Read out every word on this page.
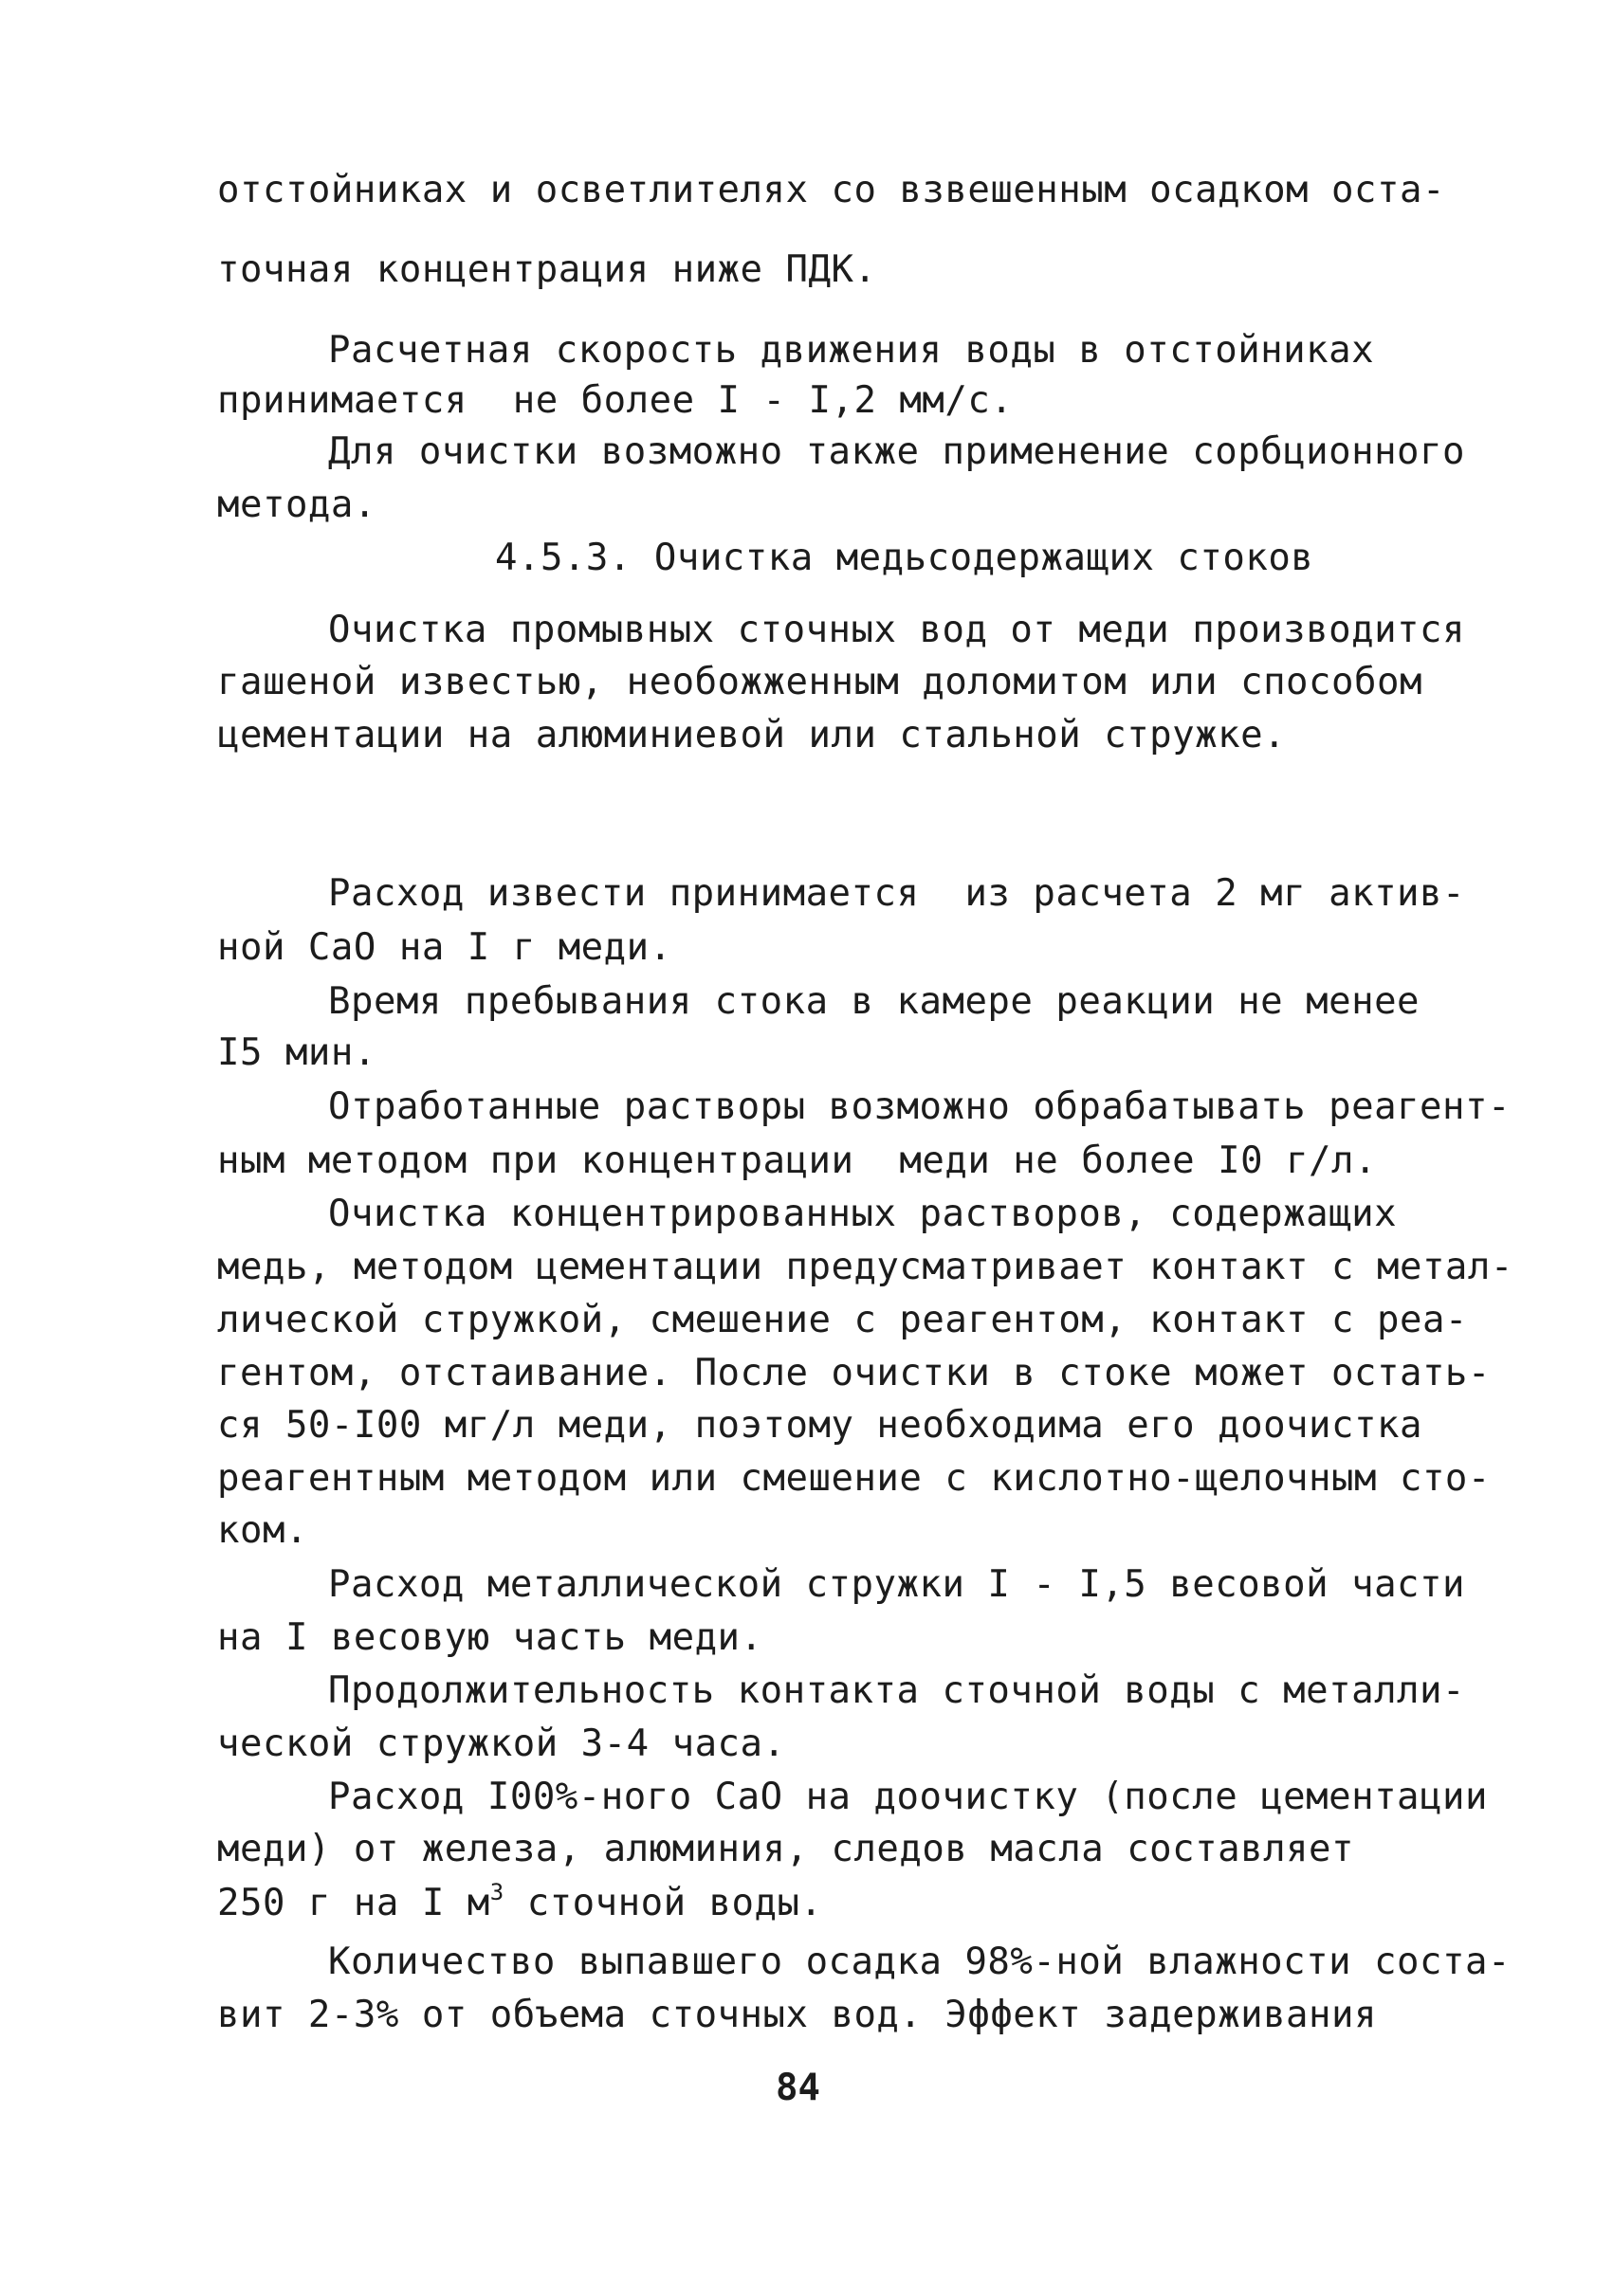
отстойниках и осветлителях со взвешенным осадком оста-
точная концентрация ниже ПДК.
Расчетная скорость движения воды в отстойниках
принимается  не более I - I,2 мм/с.
Для очистки возможно также применение сорбционного
метода.
4.5.3. Очистка медьсодержащих стоков
Очистка промывных сточных вод от меди производится
гашеной известью, необожженным доломитом или способом
цементации на алюминиевой или стальной стружке.
Расход извести принимается  из расчета 2 мг актив-
ной СаО на I г меди.
Время пребывания стока в камере реакции не менее
I5 мин.
Отработанные растворы возможно обрабатывать реагент-
ным методом при концентрации  меди не более I0 г/л.
Очистка концентрированных растворов, содержащих
медь, методом цементации предусматривает контакт с метал-
лической стружкой, смешение с реагентом, контакт с реа-
гентом, отстаивание. После очистки в стоке может остать-
ся 50-I00 мг/л меди, поэтому необходима его доочистка
реагентным методом или смешение с кислотно-щелочным сто-
ком.
Расход металлической стружки I - I,5 весовой части
на I весовую часть меди.
Продолжительность контакта сточной воды с металли-
ческой стружкой 3-4 часа.
Расход I00%-ного СаО на доочистку (после цементации
меди) от железа, алюминия, следов масла составляет
250 г на I $м^3$ сточной воды.
Количество выпавшего осадка 98%-ной влажности соста-
вит 2-3% от объема сточных вод. Эффект задерживания
84
